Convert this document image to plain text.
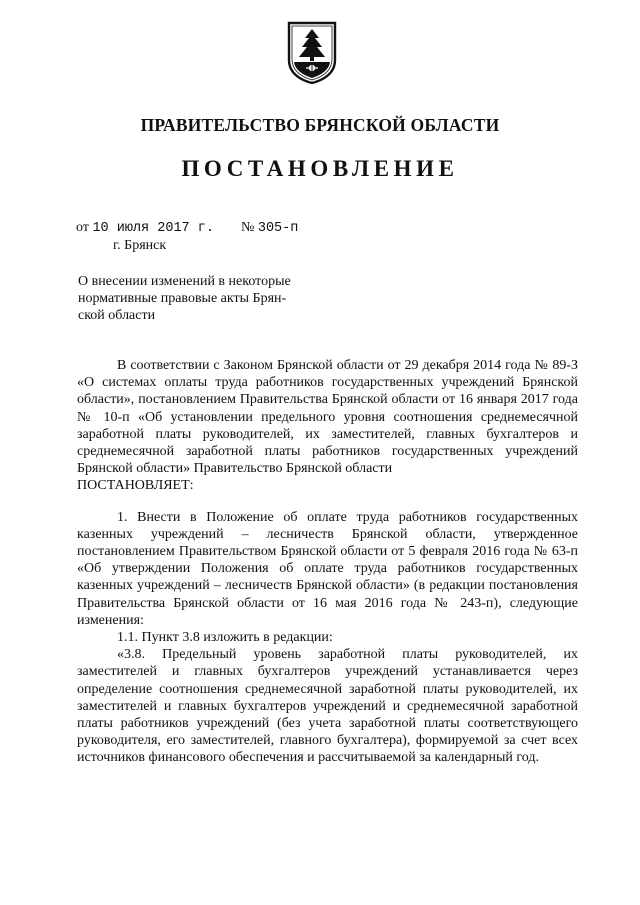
ПРАВИТЕЛЬСТВО БРЯНСКОЙ ОБЛАСТИ
ПОСТАНОВЛЕНИЕ
от 10 июля 2017 г. № 305-п
г. Брянск
О внесении изменений в некоторые
нормативные правовые акты Брян-
ской области

В соответствии с Законом Брянской области от 29 декабря 2014 года № 89-З «О системах оплаты труда работников государственных учреждений Брянской области», постановлением Правительства Брянской области от 16 января 2017 года № 10-п «Об установлении предельного уровня соотношения среднемесячной заработной платы руководителей, их заместителей, главных бухгалтеров и среднемесячной заработной платы работников государственных учреждений Брянской области» Правительство Брянской области

ПОСТАНОВЛЯЕТ:

1. Внести в Положение об оплате труда работников государственных казенных учреждений – лесничеств Брянской области, утвержденное постановлением Правительством Брянской области от 5 февраля 2016 года № 63-п «Об утверждении Положения об оплате труда работников государственных казенных учреждений – лесничеств Брянской области» (в редакции постановления Правительства Брянской области от 16 мая 2016 года № 243-п), следующие изменения:

1.1. Пункт 3.8 изложить в редакции:

«3.8. Предельный уровень заработной платы руководителей, их заместителей и главных бухгалтеров учреждений устанавливается через определение соотношения среднемесячной заработной платы руководителей, их заместителей и главных бухгалтеров учреждений и среднемесячной заработной платы работников учреждений (без учета заработной платы соответствующего руководителя, его заместителей, главного бухгалтера), формируемой за счет всех источников финансового обеспечения и рассчитываемой за календарный год.
